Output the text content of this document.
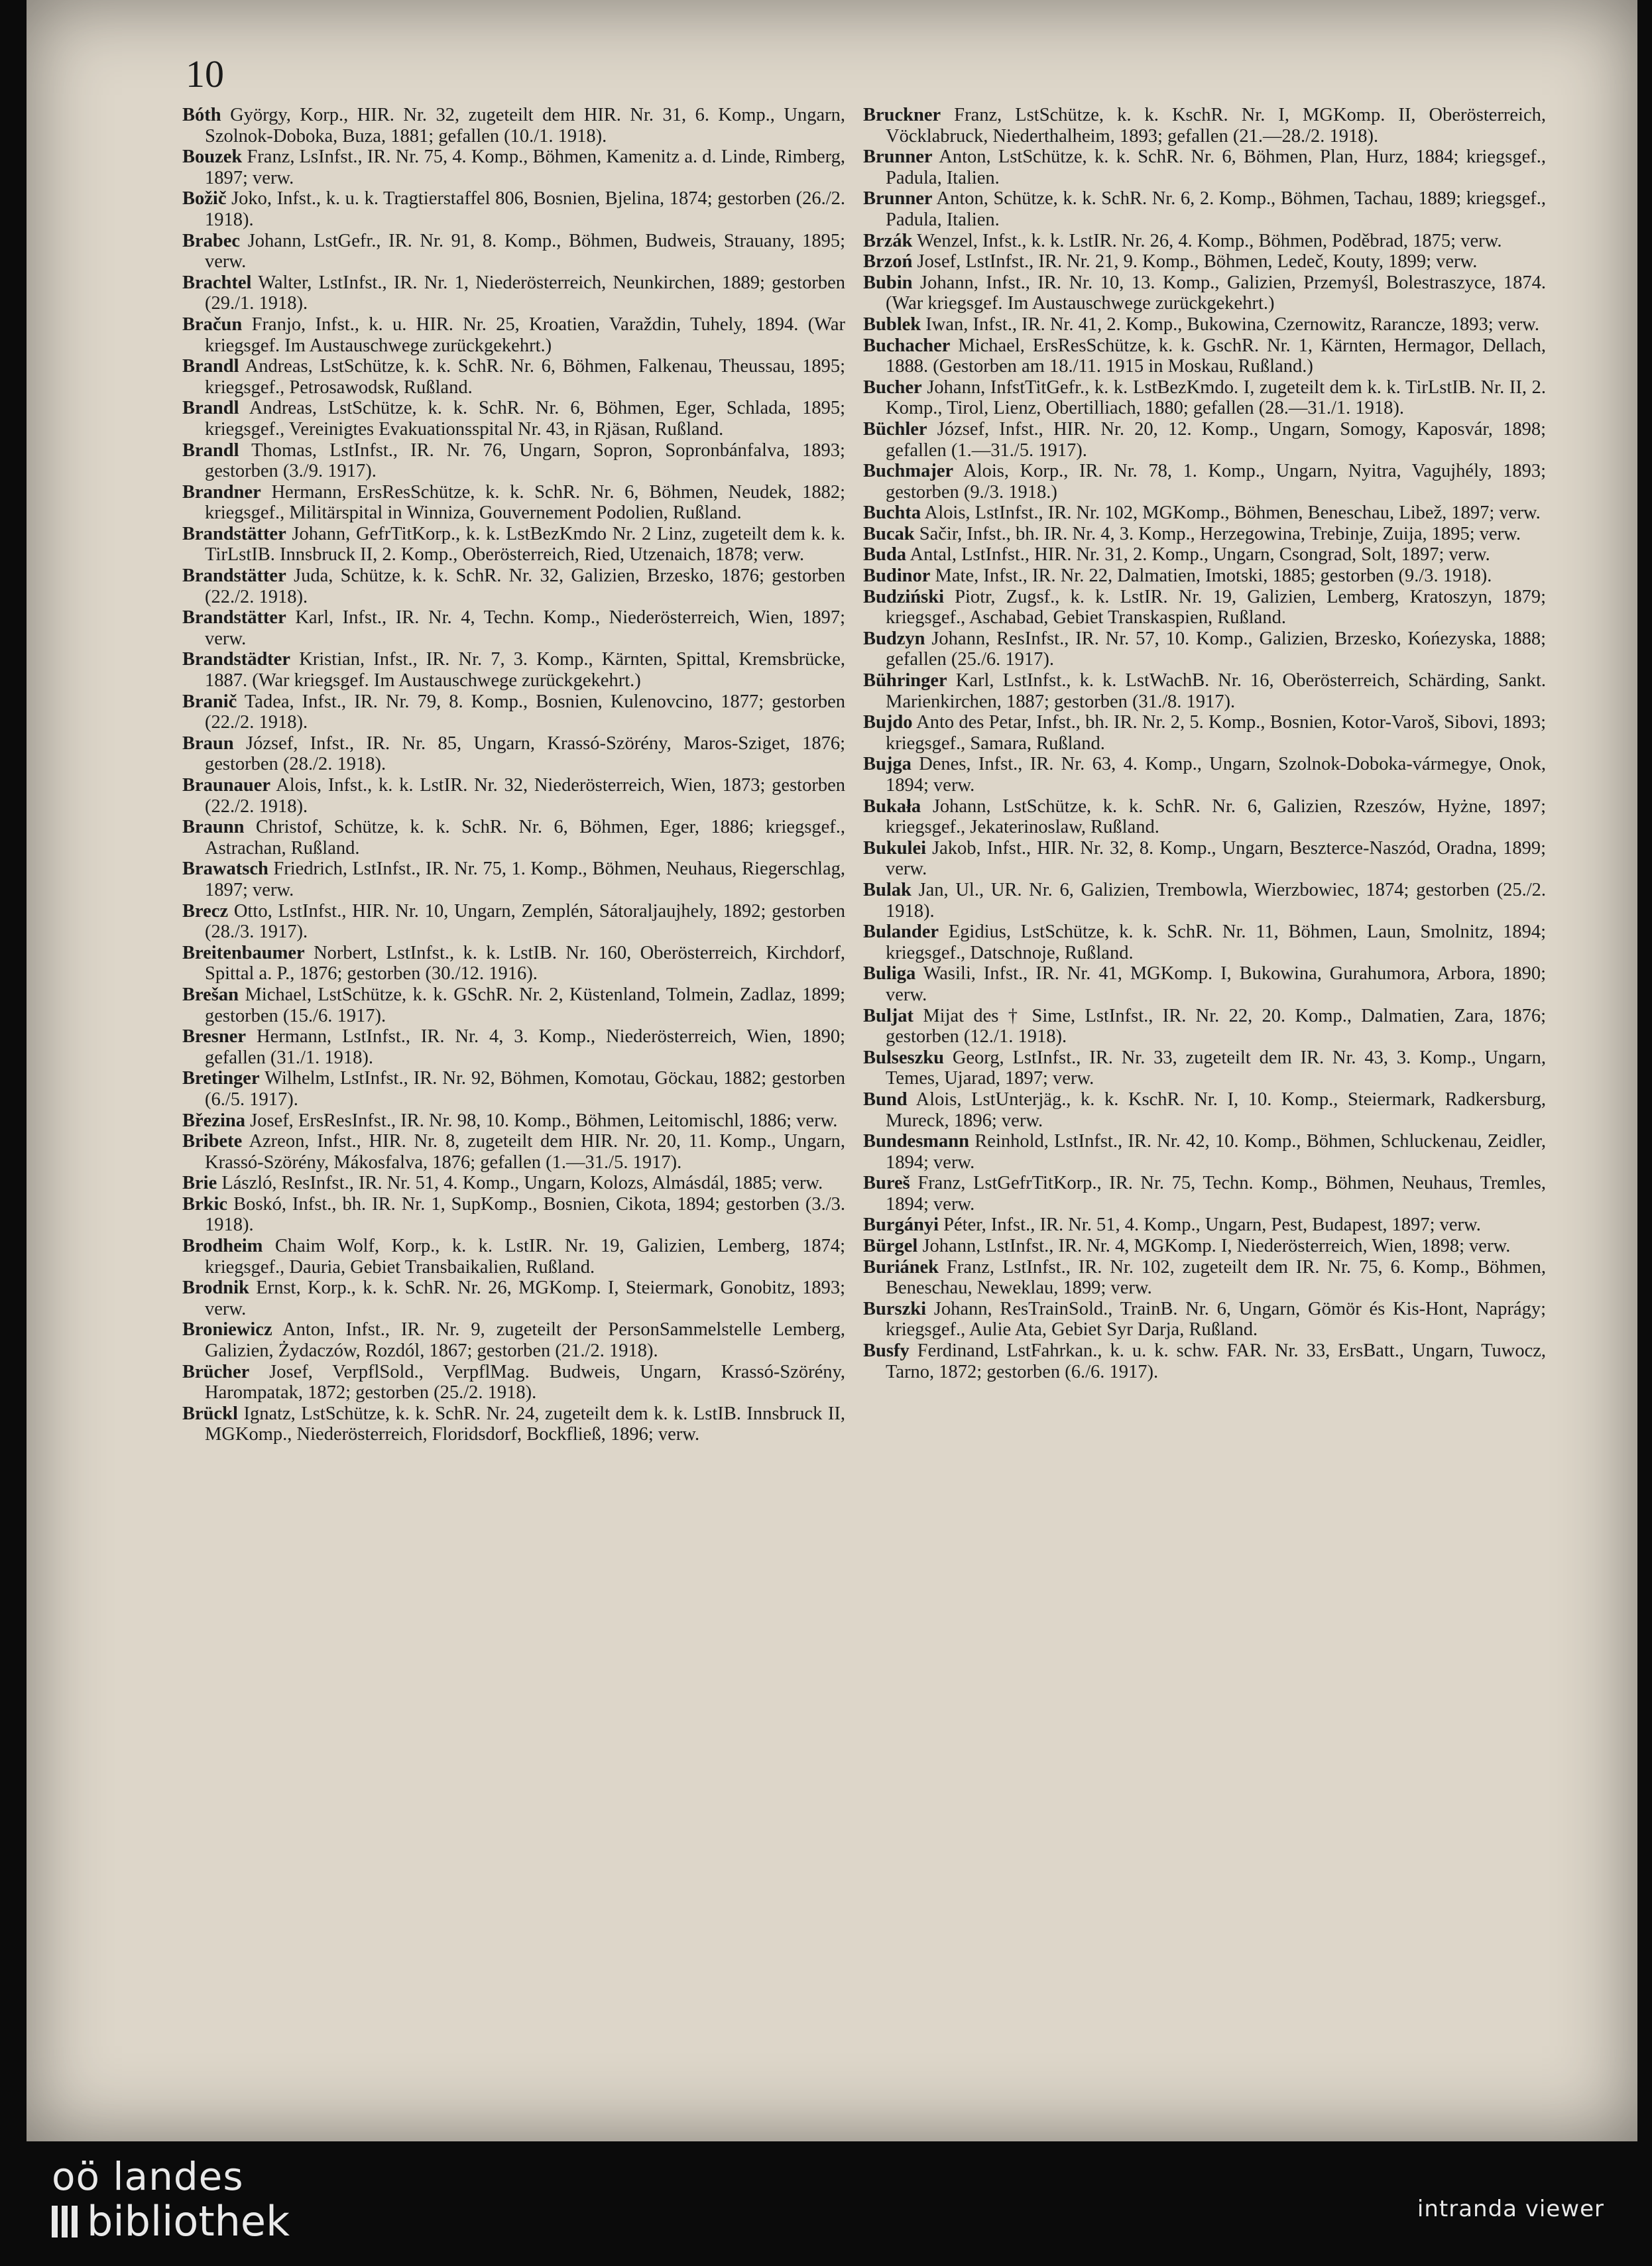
10

Bóth György, Korp., HIR. Nr. 32, zugeteilt dem HIR. Nr. 31, 6. Komp., Ungarn, Szolnok-Doboka, Buza, 1881; gefallen (10./1. 1918).

Bouzek Franz, LsInfst., IR. Nr. 75, 4. Komp., Böhmen, Kamenitz a. d. Linde, Rimberg, 1897; verw.

Božič Joko, Infst., k. u. k. Tragtierstaffel 806, Bosnien, Bjelina, 1874; gestorben (26./2. 1918).

Brabec Johann, LstGefr., IR. Nr. 91, 8. Komp., Böhmen, Budweis, Strauany, 1895; verw.

Brachtel Walter, LstInfst., IR. Nr. 1, Niederösterreich, Neunkirchen, 1889; gestorben (29./1. 1918).

Bračun Franjo, Infst., k. u. HIR. Nr. 25, Kroatien, Varaždin, Tuhely, 1894. (War kriegsgef. Im Austauschwege zurückgekehrt.)

Brandl Andreas, LstSchütze, k. k. SchR. Nr. 6, Böhmen, Falkenau, Theussau, 1895; kriegsgef., Petrosawodsk, Rußland.

Brandl Andreas, LstSchütze, k. k. SchR. Nr. 6, Böhmen, Eger, Schlada, 1895; kriegsgef., Vereinigtes Evakuationsspital Nr. 43, in Rjäsan, Rußland.

Brandl Thomas, LstInfst., IR. Nr. 76, Ungarn, Sopron, Sopronbánfalva, 1893; gestorben (3./9. 1917).

Brandner Hermann, ErsResSchütze, k. k. SchR. Nr. 6, Böhmen, Neudek, 1882; kriegsgef., Militärspital in Winniza, Gouvernement Podolien, Rußland.

Brandstätter Johann, GefrTitKorp., k. k. LstBezKmdo Nr. 2 Linz, zugeteilt dem k. k. TirLstIB. Innsbruck II, 2. Komp., Oberösterreich, Ried, Utzenaich, 1878; verw.

Brandstätter Juda, Schütze, k. k. SchR. Nr. 32, Galizien, Brzesko, 1876; gestorben (22./2. 1918).

Brandstätter Karl, Infst., IR. Nr. 4, Techn. Komp., Niederösterreich, Wien, 1897; verw.

Brandstädter Kristian, Infst., IR. Nr. 7, 3. Komp., Kärnten, Spittal, Kremsbrücke, 1887. (War kriegsgef. Im Austauschwege zurückgekehrt.)

Branič Tadea, Infst., IR. Nr. 79, 8. Komp., Bosnien, Kulenovcino, 1877; gestorben (22./2. 1918).

Braun József, Infst., IR. Nr. 85, Ungarn, Krassó-Szörény, Maros-Sziget, 1876; gestorben (28./2. 1918).

Braunauer Alois, Infst., k. k. LstIR. Nr. 32, Niederösterreich, Wien, 1873; gestorben (22./2. 1918).

Braunn Christof, Schütze, k. k. SchR. Nr. 6, Böhmen, Eger, 1886; kriegsgef., Astrachan, Rußland.

Brawatsch Friedrich, LstInfst., IR. Nr. 75, 1. Komp., Böhmen, Neuhaus, Riegerschlag, 1897; verw.

Brecz Otto, LstInfst., HIR. Nr. 10, Ungarn, Zemplén, Sátoraljaujhely, 1892; gestorben (28./3. 1917).

Breitenbaumer Norbert, LstInfst., k. k. LstIB. Nr. 160, Oberösterreich, Kirchdorf, Spittal a. P., 1876; gestorben (30./12. 1916).

Brešan Michael, LstSchütze, k. k. GSchR. Nr. 2, Küstenland, Tolmein, Zadlaz, 1899; gestorben (15./6. 1917).

Bresner Hermann, LstInfst., IR. Nr. 4, 3. Komp., Niederösterreich, Wien, 1890; gefallen (31./1. 1918).

Bretinger Wilhelm, LstInfst., IR. Nr. 92, Böhmen, Komotau, Göckau, 1882; gestorben (6./5. 1917).

Březina Josef, ErsResInfst., IR. Nr. 98, 10. Komp., Böhmen, Leitomischl, 1886; verw.

Bribete Azreon, Infst., HIR. Nr. 8, zugeteilt dem HIR. Nr. 20, 11. Komp., Ungarn, Krassó-Szörény, Mákosfalva, 1876; gefallen (1.—31./5. 1917).

Brie László, ResInfst., IR. Nr. 51, 4. Komp., Ungarn, Kolozs, Almásdál, 1885; verw.

Brkic Boskó, Infst., bh. IR. Nr. 1, SupKomp., Bosnien, Cikota, 1894; gestorben (3./3. 1918).

Brodheim Chaim Wolf, Korp., k. k. LstIR. Nr. 19, Galizien, Lemberg, 1874; kriegsgef., Dauria, Gebiet Transbaikalien, Rußland.

Brodnik Ernst, Korp., k. k. SchR. Nr. 26, MGKomp. I, Steiermark, Gonobitz, 1893; verw.

Broniewicz Anton, Infst., IR. Nr. 9, zugeteilt der PersonSammelstelle Lemberg, Galizien, Żydaczów, Rozdól, 1867; gestorben (21./2. 1918).

Brücher Josef, VerpflSold., VerpflMag. Budweis, Ungarn, Krassó-Szörény, Harompatak, 1872; gestorben (25./2. 1918).

Brückl Ignatz, LstSchütze, k. k. SchR. Nr. 24, zugeteilt dem k. k. LstIB. Innsbruck II, MGKomp., Niederösterreich, Floridsdorf, Bockfließ, 1896; verw.

Bruckner Franz, LstSchütze, k. k. KschR. Nr. I, MGKomp. II, Oberösterreich, Vöcklabruck, Niederthalheim, 1893; gefallen (21.—28./2. 1918).

Brunner Anton, LstSchütze, k. k. SchR. Nr. 6, Böhmen, Plan, Hurz, 1884; kriegsgef., Padula, Italien.

Brunner Anton, Schütze, k. k. SchR. Nr. 6, 2. Komp., Böhmen, Tachau, 1889; kriegsgef., Padula, Italien.

Brzák Wenzel, Infst., k. k. LstIR. Nr. 26, 4. Komp., Böhmen, Poděbrad, 1875; verw.

Brzoń Josef, LstInfst., IR. Nr. 21, 9. Komp., Böhmen, Ledeč, Kouty, 1899; verw.

Bubin Johann, Infst., IR. Nr. 10, 13. Komp., Galizien, Przemyśl, Bolestraszyce, 1874. (War kriegsgef. Im Austauschwege zurückgekehrt.)

Bublek Iwan, Infst., IR. Nr. 41, 2. Komp., Bukowina, Czernowitz, Rarancze, 1893; verw.

Buchacher Michael, ErsResSchütze, k. k. GschR. Nr. 1, Kärnten, Hermagor, Dellach, 1888. (Gestorben am 18./11. 1915 in Moskau, Rußland.)

Bucher Johann, InfstTitGefr., k. k. LstBezKmdo. I, zugeteilt dem k. k. TirLstIB. Nr. II, 2. Komp., Tirol, Lienz, Obertilliach, 1880; gefallen (28.—31./1. 1918).

Büchler József, Infst., HIR. Nr. 20, 12. Komp., Ungarn, Somogy, Kaposvár, 1898; gefallen (1.—31./5. 1917).

Buchmajer Alois, Korp., IR. Nr. 78, 1. Komp., Ungarn, Nyitra, Vagujhély, 1893; gestorben (9./3. 1918.)

Buchta Alois, LstInfst., IR. Nr. 102, MGKomp., Böhmen, Beneschau, Libež, 1897; verw.

Bucak Sačir, Infst., bh. IR. Nr. 4, 3. Komp., Herzegowina, Trebinje, Zuija, 1895; verw.

Buda Antal, LstInfst., HIR. Nr. 31, 2. Komp., Ungarn, Csongrad, Solt, 1897; verw.

Budinor Mate, Infst., IR. Nr. 22, Dalmatien, Imotski, 1885; gestorben (9./3. 1918).

Budziński Piotr, Zugsf., k. k. LstIR. Nr. 19, Galizien, Lemberg, Kratoszyn, 1879; kriegsgef., Aschabad, Gebiet Transkaspien, Rußland.

Budzyn Johann, ResInfst., IR. Nr. 57, 10. Komp., Galizien, Brzesko, Końezyska, 1888; gefallen (25./6. 1917).

Bühringer Karl, LstInfst., k. k. LstWachB. Nr. 16, Oberösterreich, Schärding, Sankt. Marienkirchen, 1887; gestorben (31./8. 1917).

Bujdo Anto des Petar, Infst., bh. IR. Nr. 2, 5. Komp., Bosnien, Kotor-Varoš, Sibovi, 1893; kriegsgef., Samara, Rußland.

Bujga Denes, Infst., IR. Nr. 63, 4. Komp., Ungarn, Szolnok-Doboka-vármegye, Onok, 1894; verw.

Bukała Johann, LstSchütze, k. k. SchR. Nr. 6, Galizien, Rzeszów, Hyżne, 1897; kriegsgef., Jekaterinoslaw, Rußland.

Bukulei Jakob, Infst., HIR. Nr. 32, 8. Komp., Ungarn, Beszterce-Naszód, Oradna, 1899; verw.

Bulak Jan, Ul., UR. Nr. 6, Galizien, Trembowla, Wierzbowiec, 1874; gestorben (25./2. 1918).

Bulander Egidius, LstSchütze, k. k. SchR. Nr. 11, Böhmen, Laun, Smolnitz, 1894; kriegsgef., Datschnoje, Rußland.

Buliga Wasili, Infst., IR. Nr. 41, MGKomp. I, Bukowina, Gurahumora, Arbora, 1890; verw.

Buljat Mijat des † Sime, LstInfst., IR. Nr. 22, 20. Komp., Dalmatien, Zara, 1876; gestorben (12./1. 1918).

Bulseszku Georg, LstInfst., IR. Nr. 33, zugeteilt dem IR. Nr. 43, 3. Komp., Ungarn, Temes, Ujarad, 1897; verw.

Bund Alois, LstUnterjäg., k. k. KschR. Nr. I, 10. Komp., Steiermark, Radkersburg, Mureck, 1896; verw.

Bundesmann Reinhold, LstInfst., IR. Nr. 42, 10. Komp., Böhmen, Schluckenau, Zeidler, 1894; verw.

Bureš Franz, LstGefrTitKorp., IR. Nr. 75, Techn. Komp., Böhmen, Neuhaus, Tremles, 1894; verw.

Burgányi Péter, Infst., IR. Nr. 51, 4. Komp., Ungarn, Pest, Budapest, 1897; verw.

Bürgel Johann, LstInfst., IR. Nr. 4, MGKomp. I, Niederösterreich, Wien, 1898; verw.

Buriánek Franz, LstInfst., IR. Nr. 102, zugeteilt dem IR. Nr. 75, 6. Komp., Böhmen, Beneschau, Neweklau, 1899; verw.

Burszki Johann, ResTrainSold., TrainB. Nr. 6, Ungarn, Gömör és Kis-Hont, Naprágy; kriegsgef., Aulie Ata, Gebiet Syr Darja, Rußland.

Busfy Ferdinand, LstFahrkan., k. u. k. schw. FAR. Nr. 33, ErsBatt., Ungarn, Tuwocz, Tarno, 1872; gestorben (6./6. 1917).

oö landes
bibliothek	intranda viewer
